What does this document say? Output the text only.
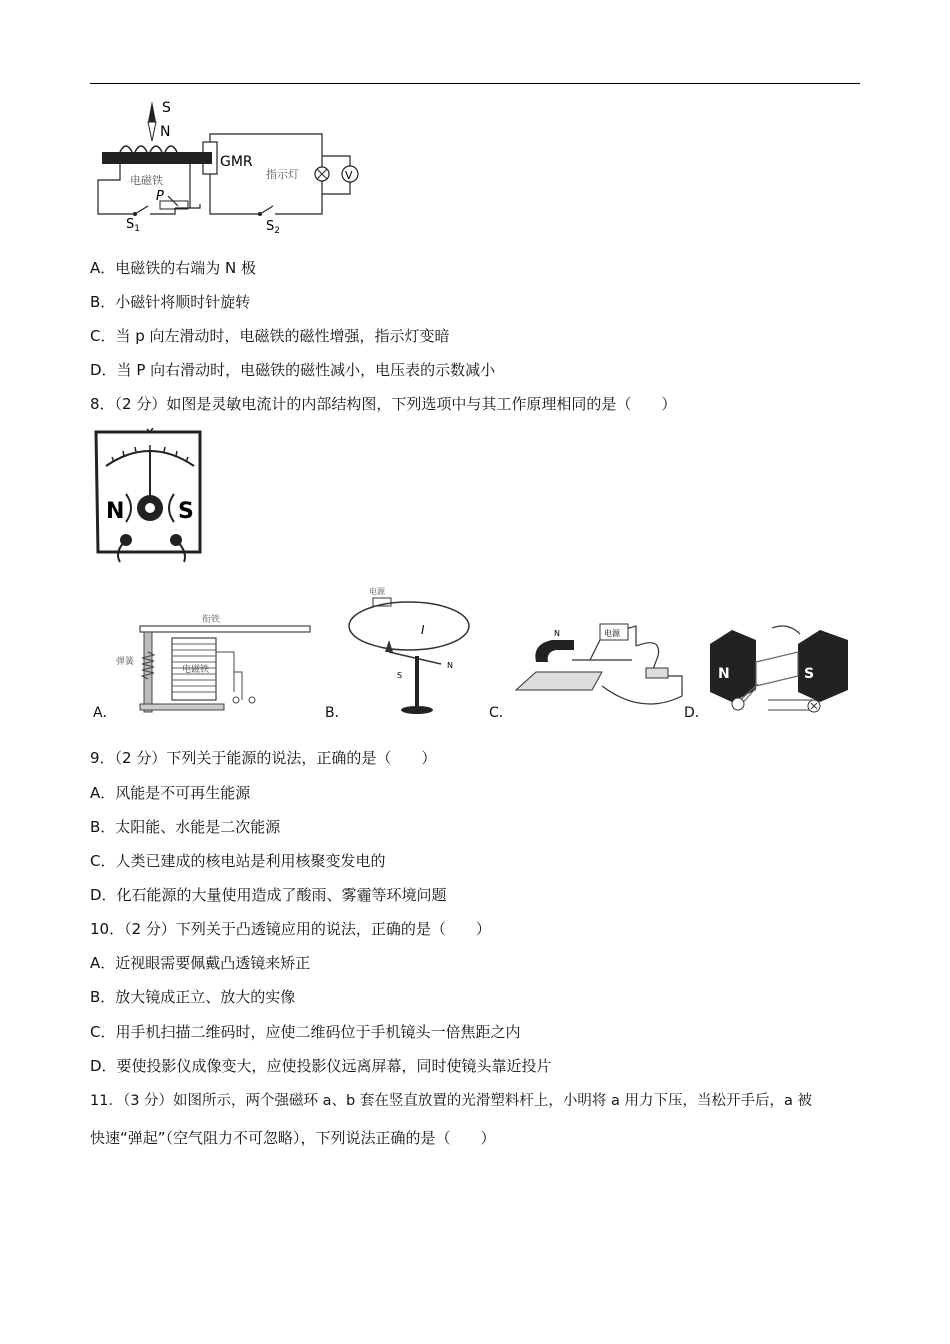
S
N
电磁铁
P
$S_1$
GMR
指示灯	V
$S_2$
A．电磁铁的右端为 N 极
B．小磁针将顺时针旋转
C．当 p 向左滑动时，电磁铁的磁性增强，指示灯变暗
D．当 P 向右滑动时，电磁铁的磁性减小，电压表的示数减小
8．（2 分）如图是灵敏电流计的内部结构图，下列选项中与其工作原理相同的是（　　）
N S
A．
衔铁
弹簧
电磁铁
B．
电源
I
S
N
C．
N
S
电源
D．
N	S
9．（2 分）下列关于能源的说法，正确的是（　　）
A．风能是不可再生能源
B．太阳能、水能是二次能源
C．人类已建成的核电站是利用核聚变发电的
D．化石能源的大量使用造成了酸雨、雾霾等环境问题
10．（2 分）下列关于凸透镜应用的说法，正确的是（　　）
A．近视眼需要佩戴凸透镜来矫正
B．放大镜成正立、放大的实像
C．用手机扫描二维码时，应使二维码位于手机镜头一倍焦距之内
D．要使投影仪成像变大，应使投影仪远离屏幕，同时使镜头靠近投片
11．（3 分）如图所示，两个强磁环 a、b 套在竖直放置的光滑塑料杆上，小明将 a 用力下压，当松开手后，a 被
快速“弹起”（空气阻力不可忽略），下列说法正确的是（　　）
